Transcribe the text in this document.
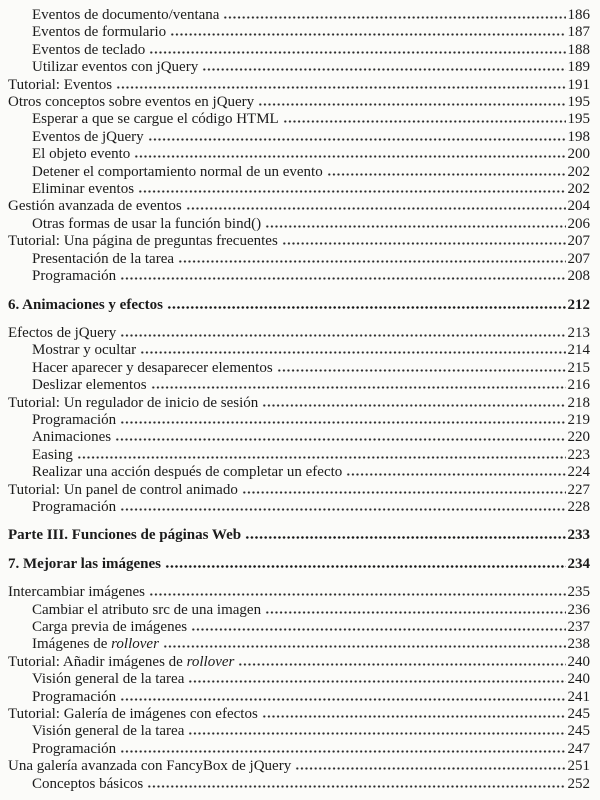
Eventos de documento/ventana	186
Eventos de formulario	187
Eventos de teclado	188
Utilizar eventos con jQuery	189
Tutorial: Eventos	191
Otros conceptos sobre eventos en jQuery	195
Esperar a que se cargue el código HTML	195
Eventos de jQuery	198
El objeto evento	200
Detener el comportamiento normal de un evento	202
Eliminar eventos	202
Gestión avanzada de eventos	204
Otras formas de usar la función bind()	206
Tutorial: Una página de preguntas frecuentes	207
Presentación de la tarea	207
Programación	208
6. Animaciones y efectos	212
Efectos de jQuery	213
Mostrar y ocultar	214
Hacer aparecer y desaparecer elementos	215
Deslizar elementos	216
Tutorial: Un regulador de inicio de sesión	218
Programación	219
Animaciones	220
Easing	223
Realizar una acción después de completar un efecto	224
Tutorial: Un panel de control animado	227
Programación	228
Parte III. Funciones de páginas Web	233
7. Mejorar las imágenes	234
Intercambiar imágenes	235
Cambiar el atributo src de una imagen	236
Carga previa de imágenes	237
Imágenes de rollover	238
Tutorial: Añadir imágenes de rollover	240
Visión general de la tarea	240
Programación	241
Tutorial: Galería de imágenes con efectos	245
Visión general de la tarea	245
Programación	247
Una galería avanzada con FancyBox de jQuery	251
Conceptos básicos	252
